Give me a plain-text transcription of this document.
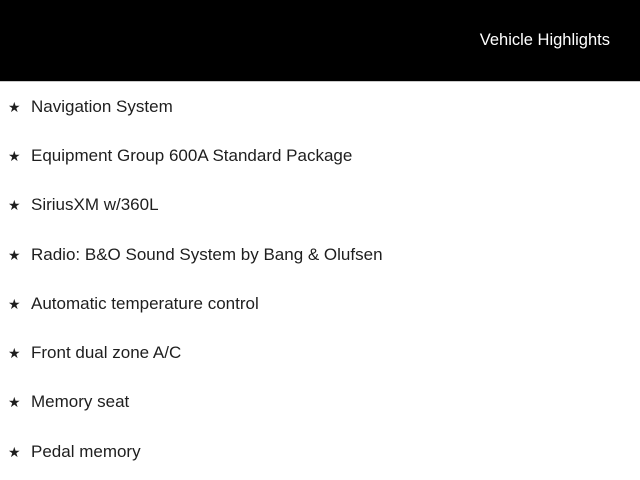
Vehicle Highlights
★ Navigation System
★ Equipment Group 600A Standard Package
★ SiriusXM w/360L
★ Radio: B&O Sound System by Bang & Olufsen
★ Automatic temperature control
★ Front dual zone A/C
★ Memory seat
★ Pedal memory
